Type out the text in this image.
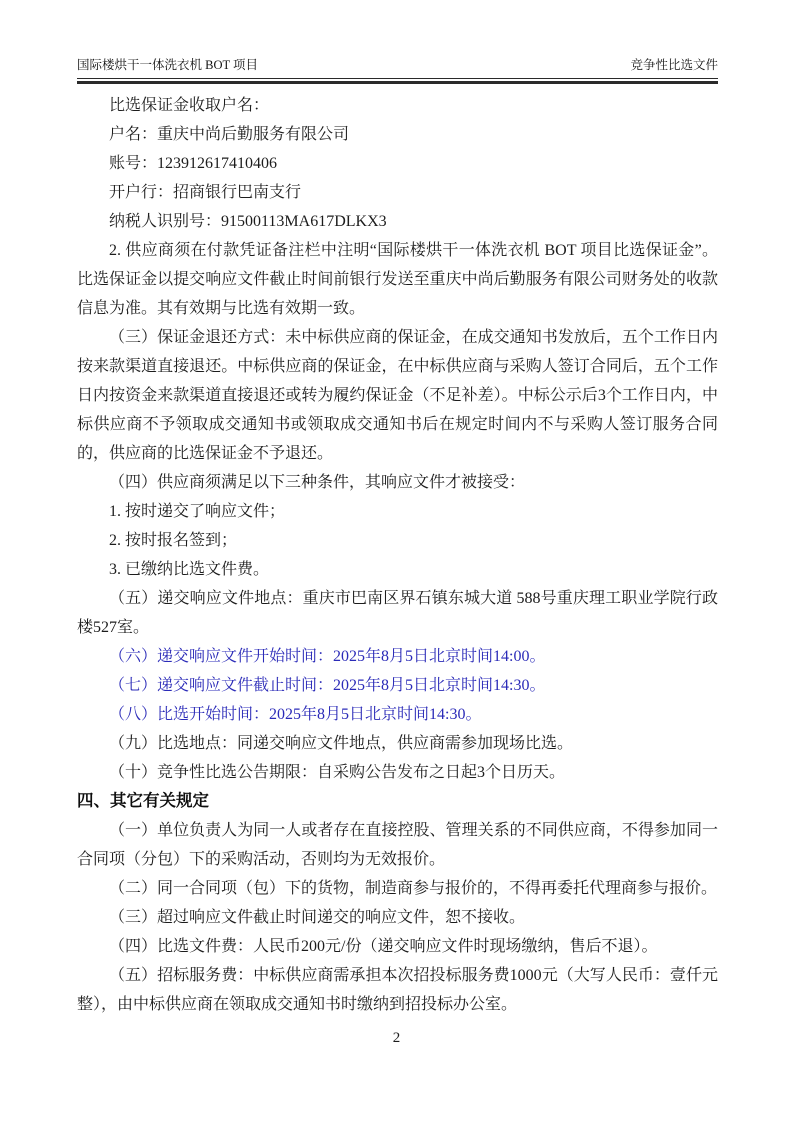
国际楼烘干一体洗衣机 BOT 项目	竞争性比选文件

比选保证金收取户名：

户名：重庆中尚后勤服务有限公司

账号：123912617410406

开户行：招商银行巴南支行

纳税人识别号：91500113MA617DLKX3

2. 供应商须在付款凭证备注栏中注明“国际楼烘干一体洗衣机 BOT 项目比选保证金”。比选保证金以提交响应文件截止时间前银行发送至重庆中尚后勤服务有限公司财务处的收款信息为准。其有效期与比选有效期一致。

（三）保证金退还方式：未中标供应商的保证金，在成交通知书发放后，五个工作日内按来款渠道直接退还。中标供应商的保证金，在中标供应商与采购人签订合同后，五个工作日内按资金来款渠道直接退还或转为履约保证金（不足补差）。中标公示后3个工作日内，中标供应商不予领取成交通知书或领取成交通知书后在规定时间内不与采购人签订服务合同的，供应商的比选保证金不予退还。

（四）供应商须满足以下三种条件，其响应文件才被接受：

1. 按时递交了响应文件；

2. 按时报名签到；

3. 已缴纳比选文件费。

（五）递交响应文件地点：重庆市巴南区界石镇东城大道 588号重庆理工职业学院行政楼527室。

（六）递交响应文件开始时间：2025年8月5日北京时间14:00。

（七）递交响应文件截止时间：2025年8月5日北京时间14:30。

（八）比选开始时间：2025年8月5日北京时间14:30。

（九）比选地点：同递交响应文件地点，供应商需参加现场比选。

（十）竞争性比选公告期限：自采购公告发布之日起3个日历天。

四、其它有关规定

（一）单位负责人为同一人或者存在直接控股、管理关系的不同供应商，不得参加同一合同项（分包）下的采购活动，否则均为无效报价。

（二）同一合同项（包）下的货物，制造商参与报价的，不得再委托代理商参与报价。

（三）超过响应文件截止时间递交的响应文件，恕不接收。

（四）比选文件费：人民币200元/份（递交响应文件时现场缴纳，售后不退）。

（五）招标服务费：中标供应商需承担本次招投标服务费1000元（大写人民币：壹仟元整），由中标供应商在领取成交通知书时缴纳到招投标办公室。

2
